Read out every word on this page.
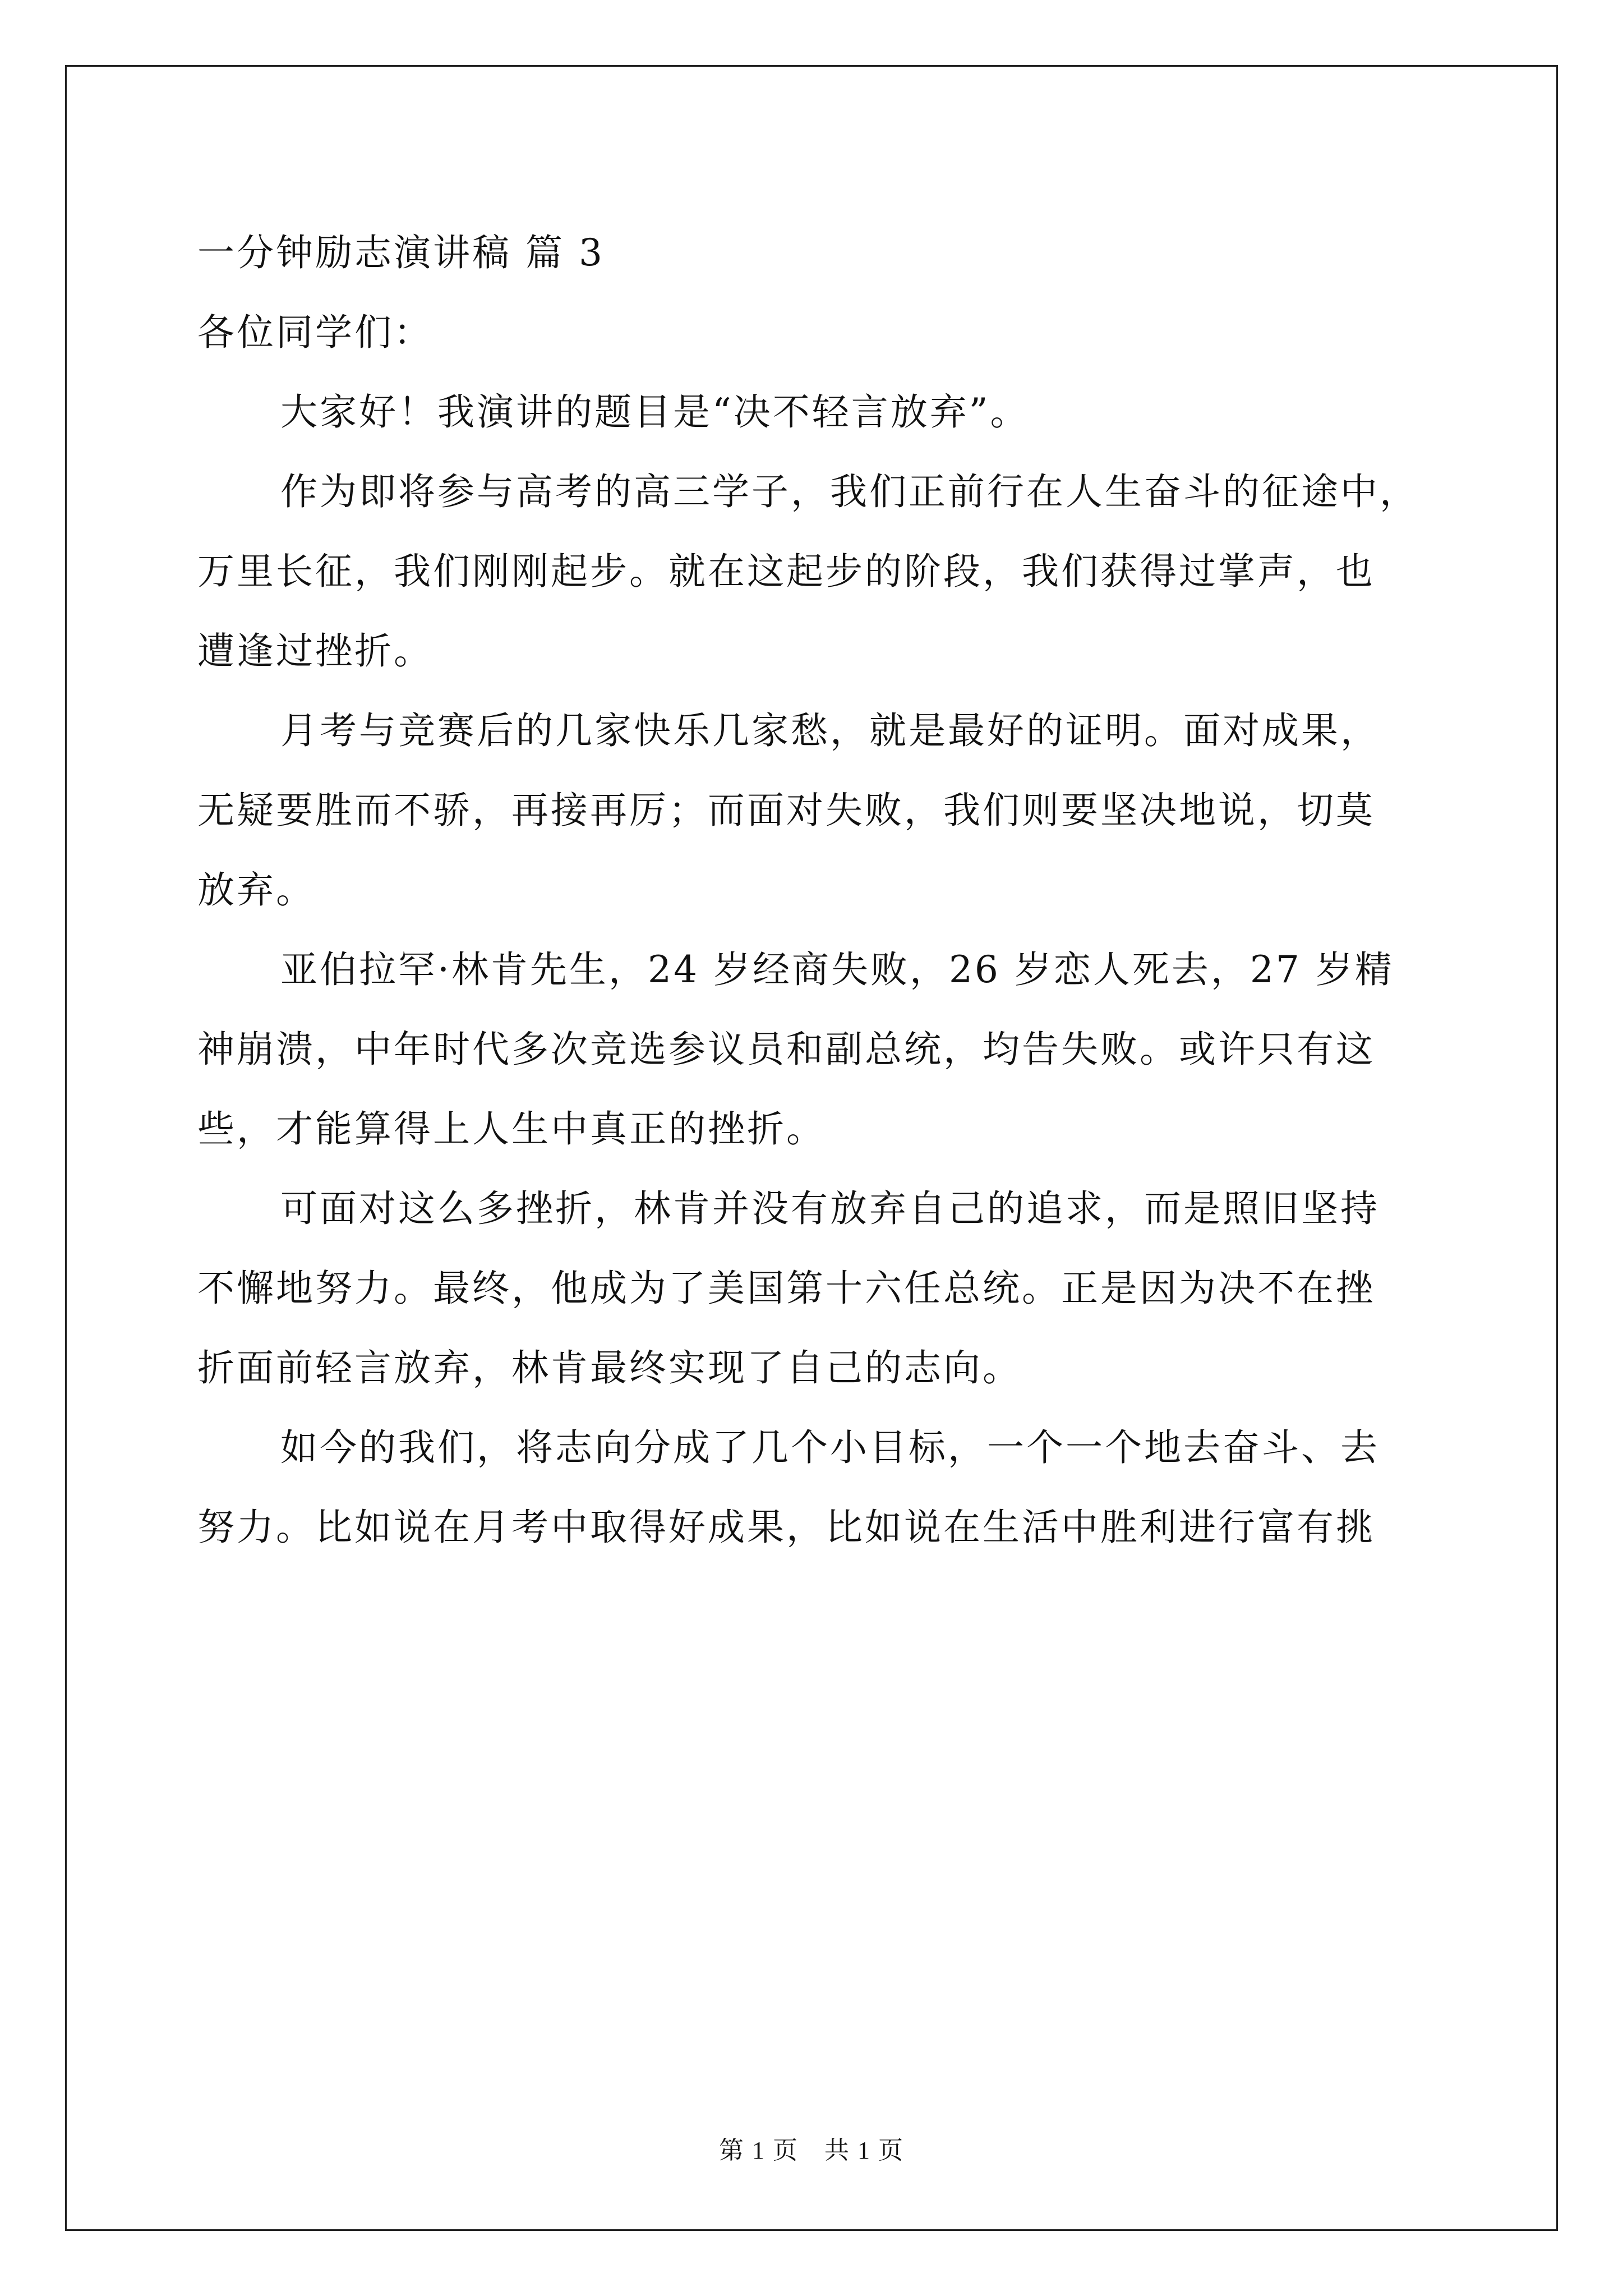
一分钟励志演讲稿 篇 3
各位同学们：
大家好！我演讲的题目是“决不轻言放弃”。
作为即将参与高考的高三学子，我们正前行在人生奋斗的征途中，
万里长征，我们刚刚起步。就在这起步的阶段，我们获得过掌声，也
遭逢过挫折。
月考与竞赛后的几家快乐几家愁，就是最好的证明。面对成果，
无疑要胜而不骄，再接再厉；而面对失败，我们则要坚决地说，切莫
放弃。
亚伯拉罕·林肯先生，24 岁经商失败，26 岁恋人死去，27 岁精
神崩溃，中年时代多次竞选参议员和副总统，均告失败。或许只有这
些，才能算得上人生中真正的挫折。
可面对这么多挫折，林肯并没有放弃自己的追求，而是照旧坚持
不懈地努力。最终，他成为了美国第十六任总统。正是因为决不在挫
折面前轻言放弃，林肯最终实现了自己的志向。
如今的我们，将志向分成了几个小目标，一个一个地去奋斗、去
努力。比如说在月考中取得好成果，比如说在生活中胜利进行富有挑
第 1 页　共 1 页
